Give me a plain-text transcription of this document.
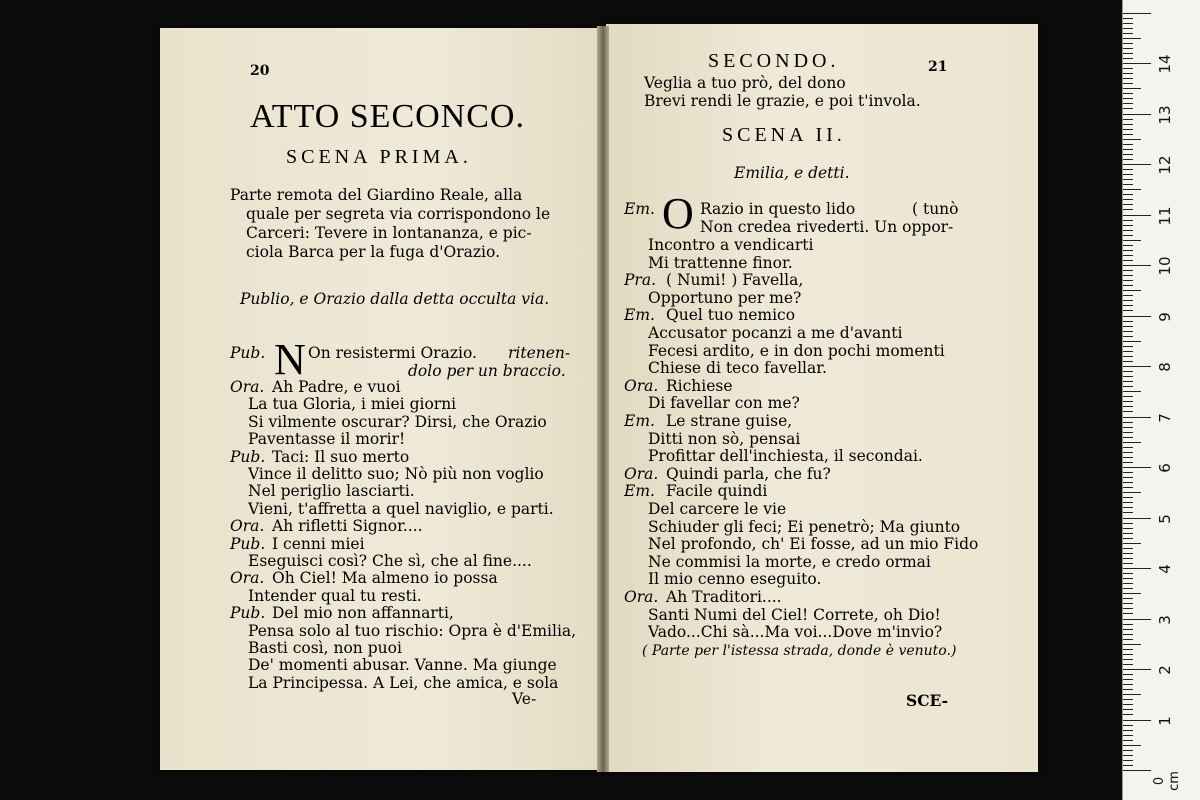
20
ATTO SECONCO.
SCENA PRIMA.
Parte remota del Giardino Reale, alla
quale per segreta via corrispondono le
Carceri: Tevere in lontananza, e pic-
ciola Barca per la fuga d'Orazio.
Publio, e Orazio dalla detta occulta via.
Pub. N On resistermi Orazio. ritenen-
dolo per un braccio.
Ora. Ah Padre, e vuoi
La tua Gloria, i miei giorni
Si vilmente oscurar? Dirsi, che Orazio
Paventasse il morir!
Pub. Taci: Il suo merto
Vince il delitto suo; Nò più non voglio
Nel periglio lasciarti.
Vieni, t'affretta a quel naviglio, e parti.
Ora. Ah rifletti Signor....
Pub. I cenni miei
Eseguisci così? Che sì, che al fine....
Ora. Oh Ciel! Ma almeno io possa
Intender qual tu resti.
Pub. Del mio non affannarti,
Pensa solo al tuo rischio: Opra è d'Emilia,
Basti così, non puoi
De' momenti abusar. Vanne. Ma giunge
La Principessa. A Lei, che amica, e sola
Ve-
SECONDO.	21
Veglia a tuo prò, del dono
Brevi rendi le grazie, e poi t'invola.
SCENA II.
Emilia, e detti.
Em. O Razio in questo lido	( tunò
Non credea rivederti. Un oppor-
Incontro a vendicarti
Mi trattenne finor.
Pra. ( Numi! ) Favella,
Opportuno per me?
Em. Quel tuo nemico
Accusator pocanzi a me d'avanti
Fecesi ardito, e in don pochi momenti
Chiese di teco favellar.
Ora. Richiese
Di favellar con me?
Em. Le strane guise,
Ditti non sò, pensai
Profittar dell'inchiesta, il secondai.
Ora. Quindi parla, che fu?
Em. Facile quindi
Del carcere le vie
Schiuder gli feci; Ei penetrò; Ma giunto
Nel profondo, ch' Ei fosse, ad un mio Fido
Ne commisi la morte, e credo ormai
Il mio cenno eseguito.
Ora. Ah Traditori....
Santi Numi del Ciel! Correte, oh Dio!
Vado...Chi sà...Ma voi...Dove m'invio?
( Parte per l'istessa strada, donde è venuto.)
SCE-
14
13
12
11
10
9
8
7
6
5
4
3
2
1
0 cm
